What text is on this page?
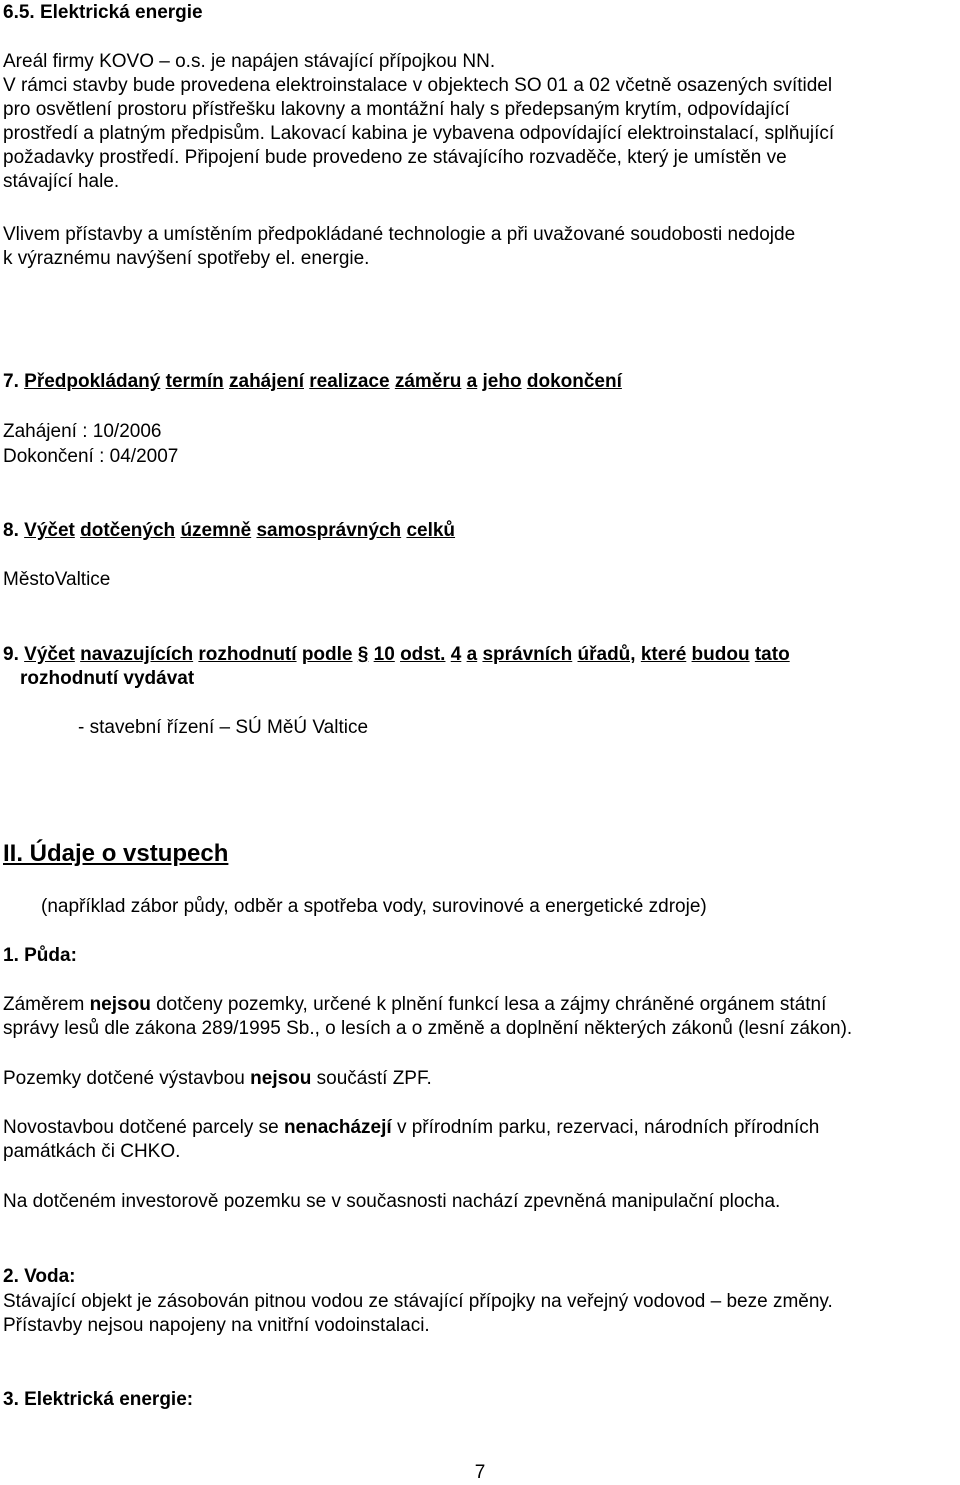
6.5. Elektrická energie
Areál firmy KOVO – o.s. je napájen stávající přípojkou NN.
V rámci stavby bude provedena elektroinstalace v objektech SO 01 a 02 včetně osazených svítidel
pro osvětlení prostoru přístřešku lakovny a montážní haly s předepsaným krytím, odpovídající
prostředí a platným předpisům. Lakovací kabina je vybavena odpovídající elektroinstalací, splňující
požadavky prostředí. Připojení bude provedeno ze stávajícího rozvaděče, který je umístěn ve
stávající hale.
Vlivem přístavby a umístěním předpokládané technologie a při uvažované soudobosti nedojde
k výraznému navýšení spotřeby el. energie.
7. Předpokládaný termín zahájení realizace záměru a jeho dokončení
Zahájení : 10/2006
Dokončení : 04/2007
8. Výčet dotčených územně samosprávných celků
MěstoValtice
9. Výčet navazujících rozhodnutí podle § 10 odst. 4 a správních úřadů, které budou tato
rozhodnutí vydávat
- stavební řízení – SÚ MěÚ Valtice
II. Údaje o vstupech
(například zábor půdy, odběr a spotřeba vody, surovinové a energetické zdroje)
1. Půda:
Záměrem nejsou dotčeny pozemky, určené k plnění funkcí lesa a zájmy chráněné orgánem státní
správy lesů dle zákona 289/1995 Sb., o lesích a o změně a doplnění některých zákonů (lesní zákon).
Pozemky dotčené výstavbou nejsou součástí ZPF.
Novostavbou dotčené parcely se nenacházejí v přírodním parku, rezervaci, národních přírodních
památkách či CHKO.
Na dotčeném investorově pozemku se v současnosti nachází zpevněná manipulační plocha.
2. Voda:
Stávající objekt je zásobován pitnou vodou ze stávající přípojky na veřejný vodovod – beze změny.
Přístavby nejsou napojeny na vnitřní vodoinstalaci.
3. Elektrická energie:
7
